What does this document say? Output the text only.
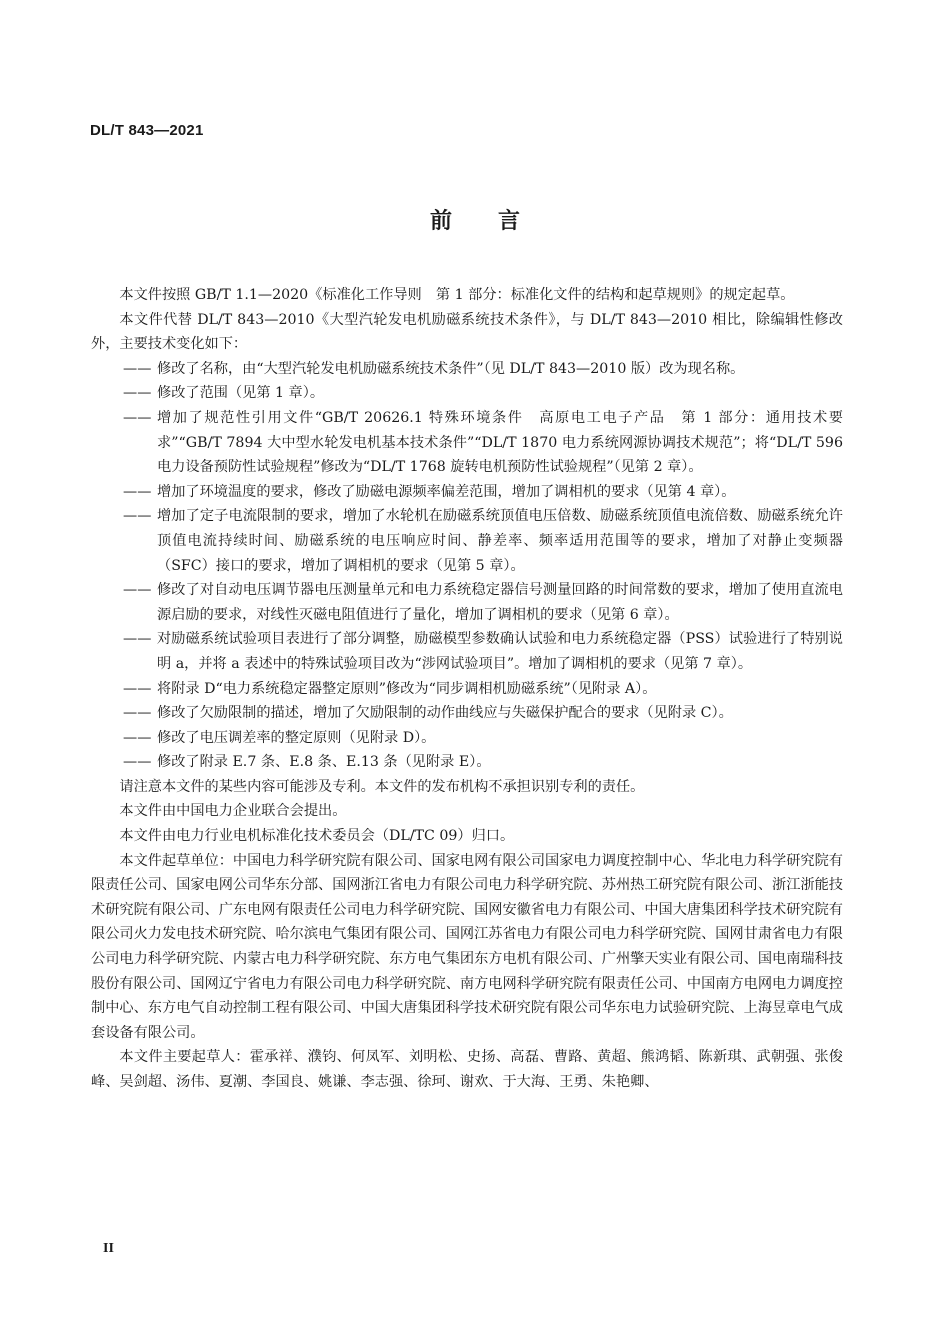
DL/T 843—2021
前言

本文件按照 GB/T 1.1—2020《标准化工作导则　第 1 部分：标准化文件的结构和起草规则》的规定起草。

本文件代替 DL/T 843—2010《大型汽轮发电机励磁系统技术条件》，与 DL/T 843—2010 相比，除编辑性修改外，主要技术变化如下：

—— 修改了名称，由“大型汽轮发电机励磁系统技术条件”（见 DL/T 843—2010 版）改为现名称。
—— 修改了范围（见第 1 章）。
—— 增加了规范性引用文件“GB/T 20626.1 特殊环境条件　高原电工电子产品　第 1 部分：通用技术要求”“GB/T 7894 大中型水轮发电机基本技术条件”“DL/T 1870 电力系统网源协调技术规范”；将“DL/T 596 电力设备预防性试验规程”修改为“DL/T 1768 旋转电机预防性试验规程”（见第 2 章）。
—— 增加了环境温度的要求，修改了励磁电源频率偏差范围，增加了调相机的要求（见第 4 章）。
—— 增加了定子电流限制的要求，增加了水轮机在励磁系统顶值电压倍数、励磁系统顶值电流倍数、励磁系统允许顶值电流持续时间、励磁系统的电压响应时间、静差率、频率适用范围等的要求，增加了对静止变频器（SFC）接口的要求，增加了调相机的要求（见第 5 章）。
—— 修改了对自动电压调节器电压测量单元和电力系统稳定器信号测量回路的时间常数的要求，增加了使用直流电源启励的要求，对线性灭磁电阻值进行了量化，增加了调相机的要求（见第 6 章）。
—— 对励磁系统试验项目表进行了部分调整，励磁模型参数确认试验和电力系统稳定器（PSS）试验进行了特别说明 a，并将 a 表述中的特殊试验项目改为“涉网试验项目”。增加了调相机的要求（见第 7 章）。
—— 将附录 D“电力系统稳定器整定原则”修改为“同步调相机励磁系统”（见附录 A）。
—— 修改了欠励限制的描述，增加了欠励限制的动作曲线应与失磁保护配合的要求（见附录 C）。
—— 修改了电压调差率的整定原则（见附录 D）。
—— 修改了附录 E.7 条、E.8 条、E.13 条（见附录 E）。

请注意本文件的某些内容可能涉及专利。本文件的发布机构不承担识别专利的责任。

本文件由中国电力企业联合会提出。

本文件由电力行业电机标准化技术委员会（DL/TC 09）归口。

本文件起草单位：中国电力科学研究院有限公司、国家电网有限公司国家电力调度控制中心、华北电力科学研究院有限责任公司、国家电网公司华东分部、国网浙江省电力有限公司电力科学研究院、苏州热工研究院有限公司、浙江浙能技术研究院有限公司、广东电网有限责任公司电力科学研究院、国网安徽省电力有限公司、中国大唐集团科学技术研究院有限公司火力发电技术研究院、哈尔滨电气集团有限公司、国网江苏省电力有限公司电力科学研究院、国网甘肃省电力有限公司电力科学研究院、内蒙古电力科学研究院、东方电气集团东方电机有限公司、广州擎天实业有限公司、国电南瑞科技股份有限公司、国网辽宁省电力有限公司电力科学研究院、南方电网科学研究院有限责任公司、中国南方电网电力调度控制中心、东方电气自动控制工程有限公司、中国大唐集团科学技术研究院有限公司华东电力试验研究院、上海昱章电气成套设备有限公司。

本文件主要起草人：霍承祥、濮钧、何凤军、刘明松、史扬、高磊、曹路、黄超、熊鸿韬、陈新琪、武朝强、张俊峰、吴剑超、汤伟、夏潮、李国良、姚谦、李志强、徐珂、谢欢、于大海、王勇、朱艳卿、

II
